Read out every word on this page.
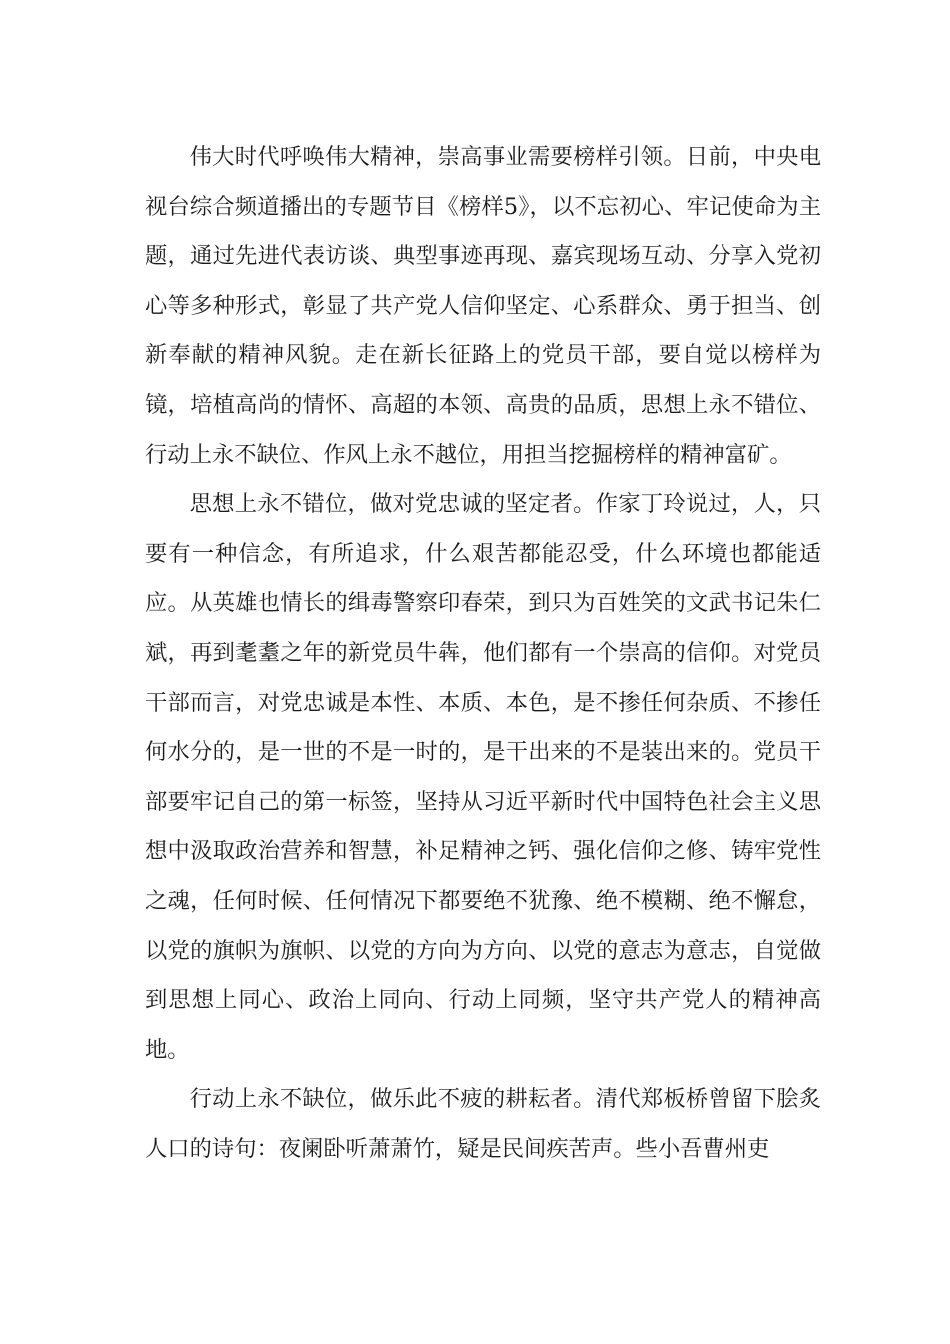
伟大时代呼唤伟大精神，崇高事业需要榜样引领。日前，中央电视台综合频道播出的专题节目《榜样5》，以不忘初心、牢记使命为主题，通过先进代表访谈、典型事迹再现、嘉宾现场互动、分享入党初心等多种形式，彰显了共产党人信仰坚定、心系群众、勇于担当、创新奉献的精神风貌。走在新长征路上的党员干部，要自觉以榜样为镜，培植高尚的情怀、高超的本领、高贵的品质，思想上永不错位、行动上永不缺位、作风上永不越位，用担当挖掘榜样的精神富矿。

思想上永不错位，做对党忠诚的坚定者。作家丁玲说过，人，只要有一种信念，有所追求，什么艰苦都能忍受，什么环境也都能适应。从英雄也情长的缉毒警察印春荣，到只为百姓笑的文武书记朱仁斌，再到耄耋之年的新党员牛犇，他们都有一个崇高的信仰。对党员干部而言，对党忠诚是本性、本质、本色，是不掺任何杂质、不掺任何水分的，是一世的不是一时的，是干出来的不是装出来的。党员干部要牢记自己的第一标签，坚持从习近平新时代中国特色社会主义思想中汲取政治营养和智慧，补足精神之钙、强化信仰之修、铸牢党性之魂，任何时候、任何情况下都要绝不犹豫、绝不模糊、绝不懈怠，以党的旗帜为旗帜、以党的方向为方向、以党的意志为意志，自觉做到思想上同心、政治上同向、行动上同频，坚守共产党人的精神高地。

行动上永不缺位，做乐此不疲的耕耘者。清代郑板桥曾留下脍炙人口的诗句：夜阑卧听萧萧竹，疑是民间疾苦声。些小吾曹州吏
